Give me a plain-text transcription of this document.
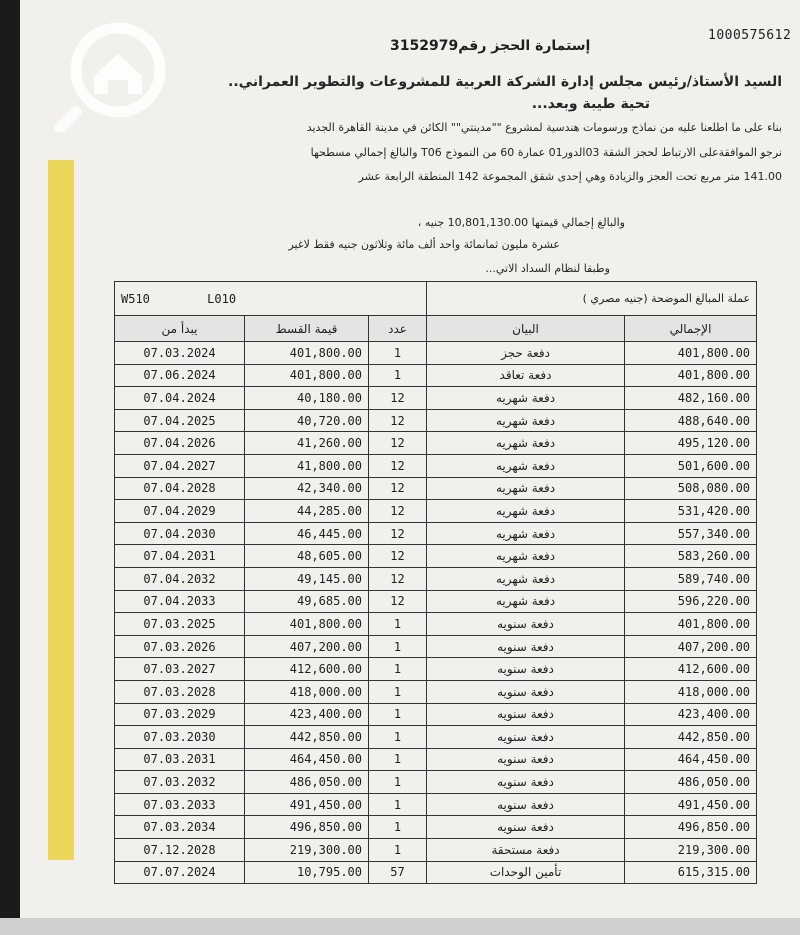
1000575612
إستمارة الحجز رقم3152979
السيد الأستاذ/رئيس مجلس إدارة الشركة العربية للمشروعات والتطوير العمراني..
تحية طيبة وبعد...
بناء على ما اطلعنا عليه من نماذج ورسومات هندسية لمشروع ""مدينتي"" الكائن في مدينة القاهرة الجديد
نرجو الموافقةعلى الارتباط لحجز الشقة 03الدور01 عمارة 60 من النموذج T06 والبالغ إجمالي مسطحها
141.00 متر مربع تحت العجز والزيادة وهي إحدى شقق المجموعة 142 المنطقة الرابعة عشر
والبالغ إجمالي قيمتها 10,801,130.00 جنيه ،
عشرة مليون ثمانمائة واحد ألف مائة وثلاثون جنيه فقط لاغير
وطبقا لنظام السداد الاتي...
W510 L010			عملة المبالغ الموضحة (جنيه مصري )	
يبدأ من	قيمة القسط	عدد	البيان	الإجمالي
07.03.2024	401,800.00	1	دفعة حجز	401,800.00
07.06.2024	401,800.00	1	دفعة تعاقد	401,800.00
07.04.2024	40,180.00	12	دفعة شهريه	482,160.00
07.04.2025	40,720.00	12	دفعة شهريه	488,640.00
07.04.2026	41,260.00	12	دفعة شهريه	495,120.00
07.04.2027	41,800.00	12	دفعة شهريه	501,600.00
07.04.2028	42,340.00	12	دفعة شهريه	508,080.00
07.04.2029	44,285.00	12	دفعة شهريه	531,420.00
07.04.2030	46,445.00	12	دفعة شهريه	557,340.00
07.04.2031	48,605.00	12	دفعة شهريه	583,260.00
07.04.2032	49,145.00	12	دفعة شهريه	589,740.00
07.04.2033	49,685.00	12	دفعة شهريه	596,220.00
07.03.2025	401,800.00	1	دفعة سنويه	401,800.00
07.03.2026	407,200.00	1	دفعة سنويه	407,200.00
07.03.2027	412,600.00	1	دفعة سنويه	412,600.00
07.03.2028	418,000.00	1	دفعة سنويه	418,000.00
07.03.2029	423,400.00	1	دفعة سنويه	423,400.00
07.03.2030	442,850.00	1	دفعة سنويه	442,850.00
07.03.2031	464,450.00	1	دفعة سنويه	464,450.00
07.03.2032	486,050.00	1	دفعة سنويه	486,050.00
07.03.2033	491,450.00	1	دفعة سنويه	491,450.00
07.03.2034	496,850.00	1	دفعة سنويه	496,850.00
07.12.2028	219,300.00	1	دفعة مستحقة	219,300.00
07.07.2024	10,795.00	57	تأمين الوحدات	615,315.00
